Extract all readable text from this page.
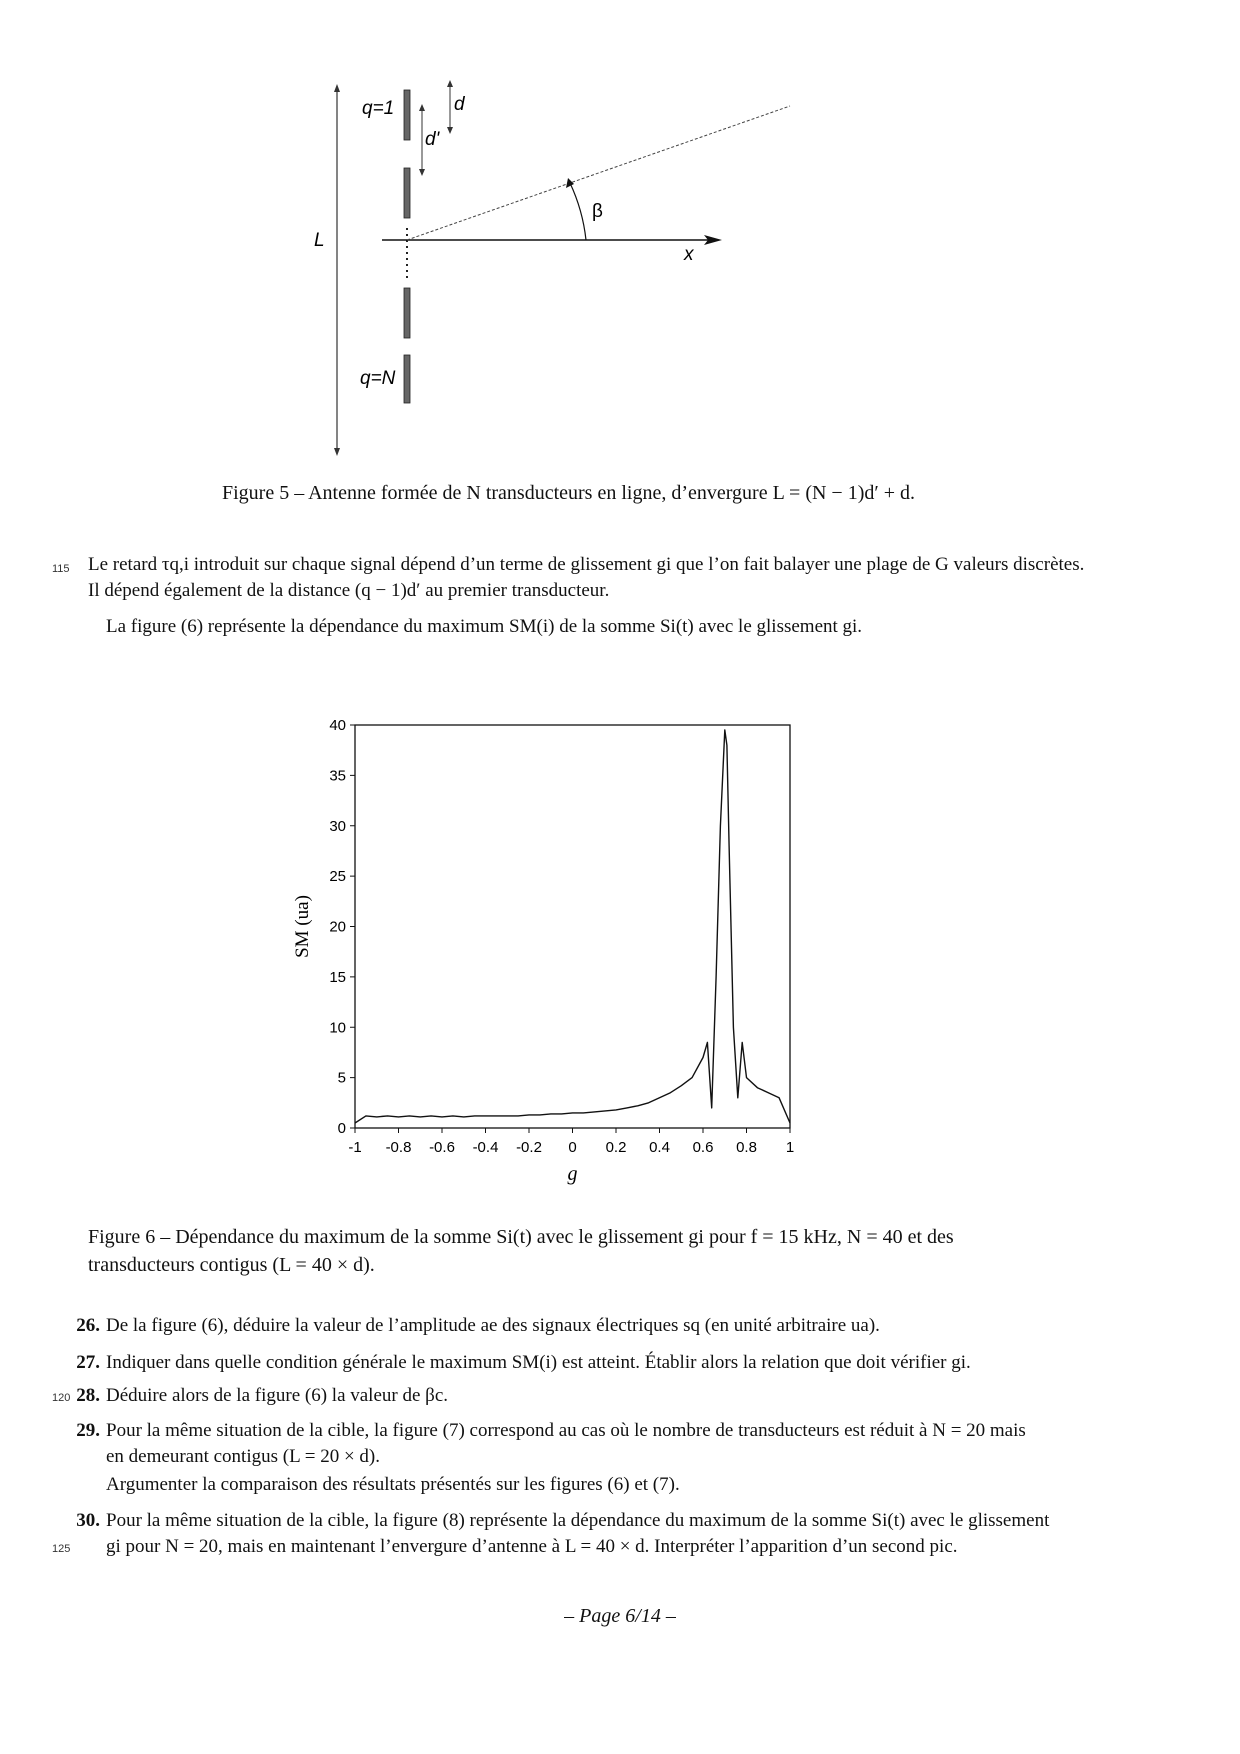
q=1
q=N
d
d'
L
x
β
Figure 5 – Antenne formée de N transducteurs en ligne, d’envergure L = (N − 1)d′ + d.
115 Le retard τq,i introduit sur chaque signal dépend d’un terme de glissement gi que l’on fait balayer une plage de G valeurs discrètes.
Il dépend également de la distance (q − 1)d′ au premier transducteur.
La figure (6) représente la dépendance du maximum SM(i) de la somme Si(t) avec le glissement gi.
-1 -0.8 -0.6 -0.4 -0.2 0 0.2 0.4 0.6 0.8 1
0
5
10
15
20
25
30
35
40
SM (ua)
g
Figure 6 – Dépendance du maximum de la somme Si(t) avec le glissement gi pour f = 15 kHz, N = 40 et des
transducteurs contigus (L = 40 × d).
26. De la figure (6), déduire la valeur de l’amplitude ae des signaux électriques sq (en unité arbitraire ua).
27. Indiquer dans quelle condition générale le maximum SM(i) est atteint. Établir alors la relation que doit vérifier gi.
120 28. Déduire alors de la figure (6) la valeur de βc.
29. Pour la même situation de la cible, la figure (7) correspond au cas où le nombre de transducteurs est réduit à N = 20 mais
en demeurant contigus (L = 20 × d).
Argumenter la comparaison des résultats présentés sur les figures (6) et (7).
30. Pour la même situation de la cible, la figure (8) représente la dépendance du maximum de la somme Si(t) avec le glissement
125 gi pour N = 20, mais en maintenant l’envergure d’antenne à L = 40 × d. Interpréter l’apparition d’un second pic.
– Page 6/14 –
